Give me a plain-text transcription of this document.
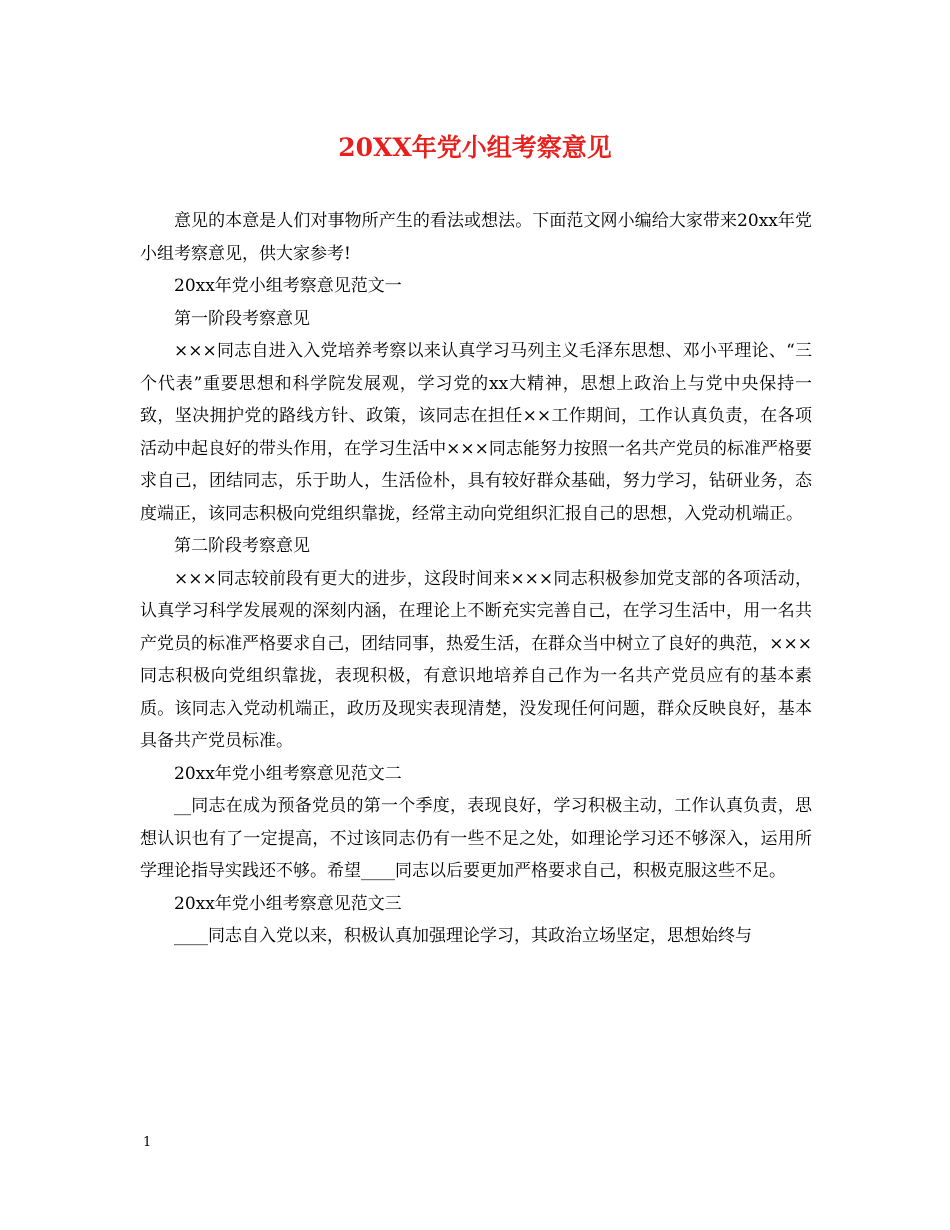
20XX年党小组考察意见

意见的本意是人们对事物所产生的看法或想法。下面范文网小编给大家带来20xx年党小组考察意见，供大家参考!

20xx年党小组考察意见范文一

第一阶段考察意见

×××同志自进入入党培养考察以来认真学习马列主义毛泽东思想、邓小平理论、“三个代表”重要思想和科学院发展观，学习党的xx大精神，思想上政治上与党中央保持一致，坚决拥护党的路线方针、政策，该同志在担任××工作期间，工作认真负责，在各项活动中起良好的带头作用，在学习生活中×××同志能努力按照一名共产党员的标准严格要求自己，团结同志，乐于助人，生活俭朴，具有较好群众基础，努力学习，钻研业务，态度端正，该同志积极向党组织靠拢，经常主动向党组织汇报自己的思想，入党动机端正。

第二阶段考察意见

×××同志较前段有更大的进步，这段时间来×××同志积极参加党支部的各项活动，认真学习科学发展观的深刻内涵，在理论上不断充实完善自己，在学习生活中，用一名共产党员的标准严格要求自己，团结同事，热爱生活，在群众当中树立了良好的典范，×××同志积极向党组织靠拢，表现积极，有意识地培养自己作为一名共产党员应有的基本素质。该同志入党动机端正，政历及现实表现清楚，没发现任何问题，群众反映良好，基本具备共产党员标准。

20xx年党小组考察意见范文二

__同志在成为预备党员的第一个季度，表现良好，学习积极主动，工作认真负责，思想认识也有了一定提高，不过该同志仍有一些不足之处，如理论学习还不够深入，运用所学理论指导实践还不够。希望____同志以后要更加严格要求自己，积极克服这些不足。

20xx年党小组考察意见范文三

____同志自入党以来，积极认真加强理论学习，其政治立场坚定，思想始终与

1
